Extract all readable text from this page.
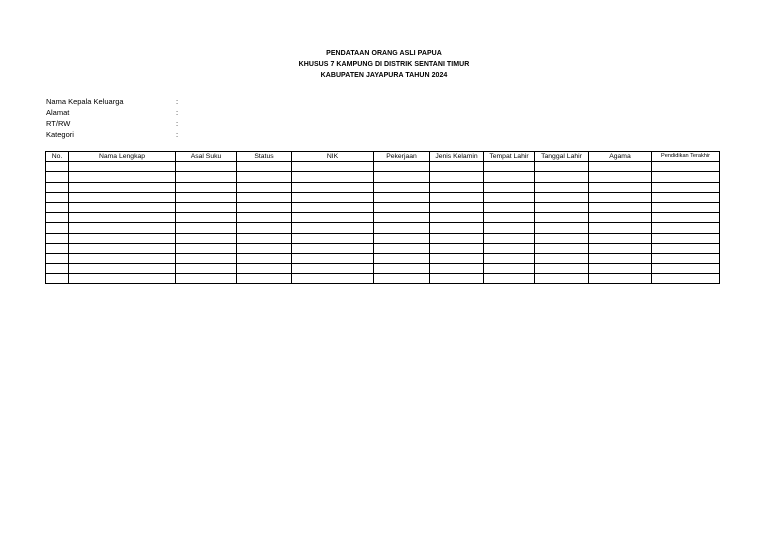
PENDATAAN ORANG ASLI PAPUA
KHUSUS 7 KAMPUNG DI DISTRIK SENTANI TIMUR
KABUPATEN JAYAPURA TAHUN 2024
Nama Kepala Keluarga	:
Alamat	:
RT/RW	:
Kategori	:
No.	Nama Lengkap	Asal Suku	Status	NIK	Pekerjaan	Jenis Kelamin	Tempat Lahir	Tanggal Lahir	Agama	Pendidikan Terakhir
